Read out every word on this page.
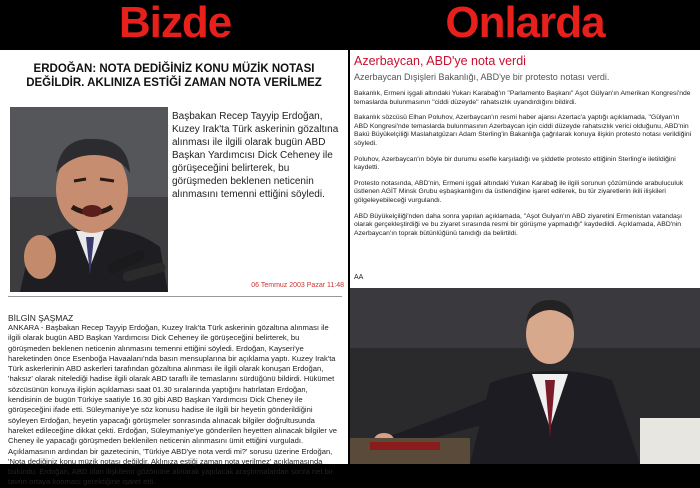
Bizde	Onlarda
ERDOĞAN: NOTA DEDİĞİNİZ KONU MÜZİK NOTASI DEĞİLDİR. AKLINIZA ESTİĞİ ZAMAN NOTA VERİLMEZ
Başbakan Recep Tayyip Erdoğan, Kuzey Irak'ta Türk askerinin gözaltına alınması ile ilgili olarak bugün ABD Başkan Yardımcısı Dick Ceheney ile görüşeceğini belirterek, bu görüşmeden beklenen neticenin alınmasını temenni ettiğini söyledi.
06 Temmuz 2003 Pazar 11:48
BİLGİN ŞAŞMAZ
ANKARA - Başbakan Recep Tayyip Erdoğan, Kuzey Irak'ta Türk askerinin gözaltına alınması ile ilgili olarak bugün ABD Başkan Yardımcısı Dick Ceheney ile görüşeceğini belirterek, bu görüşmeden beklenen neticenin alınmasını temenni ettiğini söyledi. Erdoğan, Kayseri'ye hareketinden önce Esenboğa Havaalanı'nda basın mensuplarına bir açıklama yaptı. Kuzey Irak'ta Türk askerlerinin ABD askerleri tarafından gözaltına alınması ile ilgili olarak konuşan Erdoğan, 'haksız' olarak nitelediği hadise ilgili olarak ABD taraflı ile temaslarını sürdüğünü bildirdi. Hükümet sözcüsünün konuya ilişkin açıklaması saat 01.30 sıralarında yaptığını hatırlatan Erdoğan, kendisinin de bugün Türkiye saatiyle 16.30 gibi ABD Başkan Yardımcısı Dick Cheney ile görüşeceğini ifade etti. Süleymaniye'ye söz konusu hadise ile ilgili bir heyetin gönderildiğini söyleyen Erdoğan, heyetin yapacağı görüşmeler sonrasında alınacak bilgiler doğrultusunda hareket edileceğine dikkat çekti. Erdoğan, Süleymaniye'ye gönderilen heyetten alınacak bilgiler ve Cheney ile yapacağı görüşmeden beklenilen neticenin alınmasını ümit ettiğini vurguladı. Açıklamasının ardından bir gazetecinin, 'Türkiye ABD'ye nota verdi mi?' sorusu üzerine Erdoğan, 'Nota dediğiniz konu müzik notası değildir. Aklınıza estiği zaman nota verilmez' açıklamasında bulundu. Erdoğan, ABD olan ilişkilerin gözönüne alınarak yapılacak araştırmalardan sonra net bir tavrın ortaya konması gerektiğine işaret etti.
Azerbaycan, ABD'ye nota verdi
Azerbaycan Dışişleri Bakanlığı, ABD'ye bir protesto notası verdi.

Bakanlık, Ermeni işgali altındaki Yukarı Karabağ'ın "Parlamento Başkanı" Aşot Gülyan'ın Amerikan Kongresi'nde temaslarda bulunmasının "ciddi düzeyde" rahatsızlık uyandırdığını bildirdi.

Bakanlık sözcüsü Elhan Poluhov, Azerbaycan'ın resmi haber ajansı Azertac'a yaptığı açıklamada, "Gülyan'ın ABD Kongresi'nde temaslarda bulunmasının Azerbaycan için ciddi düzeyde rahatsızlık verici olduğunu, ABD'nin Bakü Büyükelçiliği Maslahatgüzarı Adam Sterling'in Bakanlığa çağrılarak konuya ilişkin protesto notası verildiğini söyledi.

Poluhov, Azerbaycan'ın böyle bir durumu esefle karşıladığı ve şiddetle protesto ettiğinin Sterling'e iletildiğini kaydetti.

Protesto notasında, ABD'nin, Ermeni işgali altındaki Yukarı Karabağ ile ilgili sorunun çözümünde arabuluculuk üstlenen AGİT Minsk Grubu eşbaşkanlığını da üstlendiğine işaret edilerek, bu tür ziyaretlerin ikili ilişkileri gölgeleyebileceği vurgulandı.

ABD Büyükelçiliği'nden daha sonra yapılan açıklamada, "Aşot Gulyan'ın ABD ziyaretini Ermenistan vatandaşı olarak gerçekleştirdiği ve bu ziyaret sırasında resmi bir görüşme yapmadığı" kaydedildi. Açıklamada, ABD'nin Azerbaycan'ın toprak bütünlüğünü tanıdığı da belirtildi.

AA
